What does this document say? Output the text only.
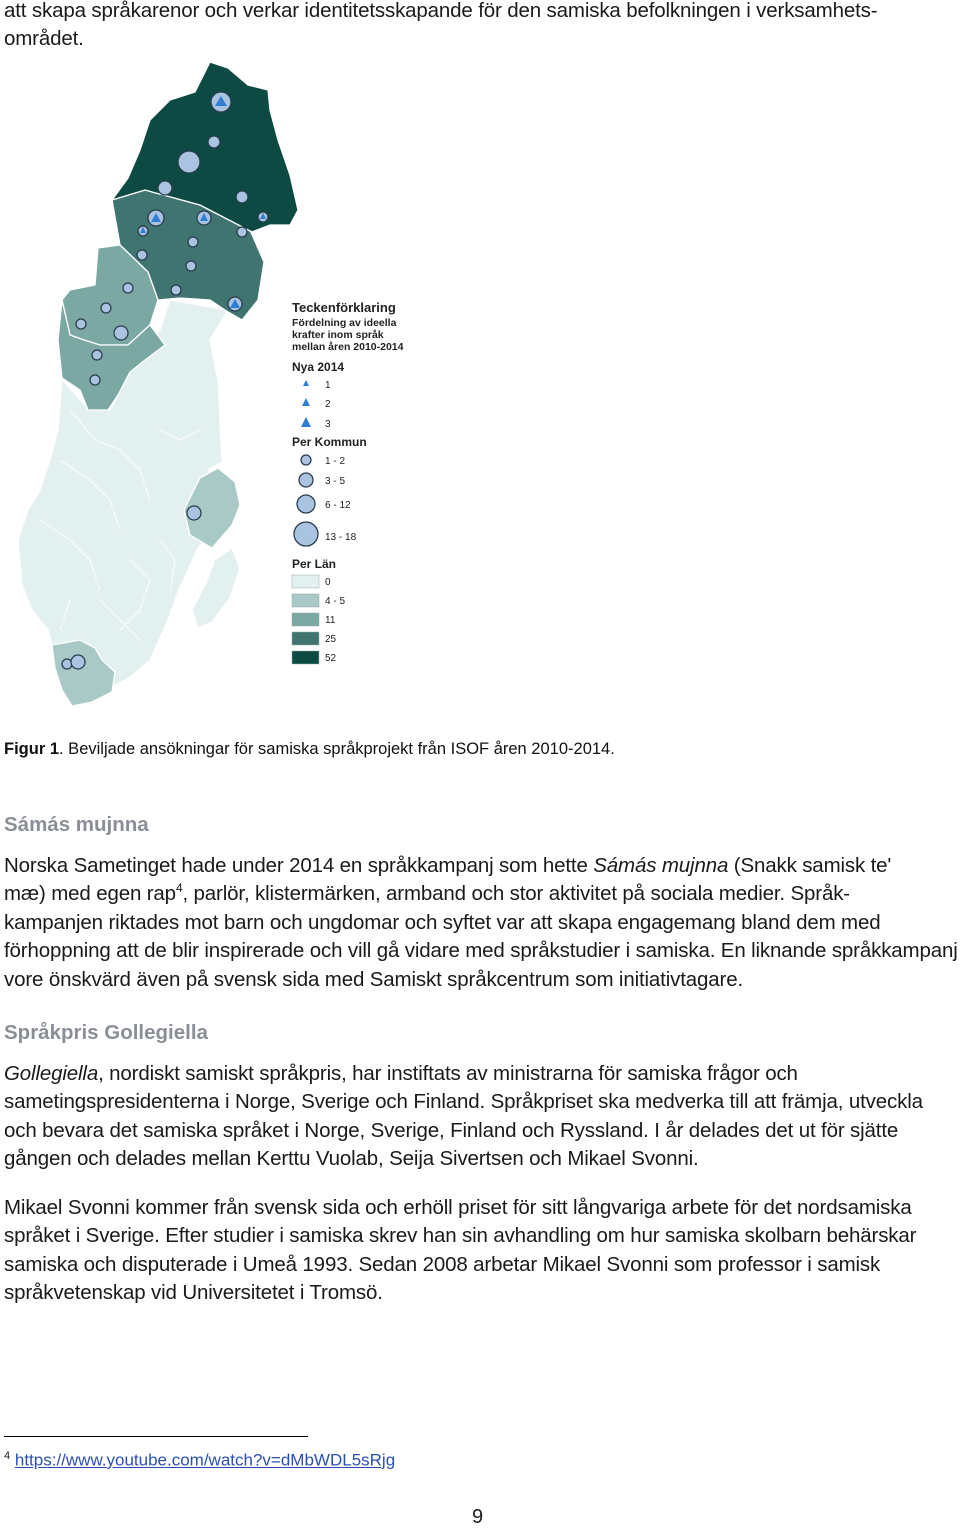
att skapa språkarenor och verkar identitetsskapande för den samiska befolkningen i verksamhets-
området.

Teckenförklaring
Fördelning av ideella
krafter inom språk
mellan åren 2010-2014
Nya 2014
1
2
3
Per Kommun
1 - 2
3 - 5
6 - 12
13 - 18
Per Län
0
4 - 5
11
25
52

Figur 1. Beviljade ansökningar för samiska språkprojekt från ISOF åren 2010-2014.

Sámás mujnna

Norska Sametinget hade under 2014 en språkkampanj som hette Sámás mujnna (Snakk samisk te'
mæ) med egen rap$^4$, parlör, klistermärken, armband och stor aktivitet på sociala medier. Språk-
kampanjen riktades mot barn och ungdomar och syftet var att skapa engagemang bland dem med förhoppning att de blir inspirerade och vill gå vidare med språkstudier i samiska. En liknande språkkampanj vore önskvärd även på svensk sida med Samiskt språkcentrum som initiativtagare.

Språkpris Gollegiella

Gollegiella, nordiskt samiskt språkpris, har instiftats av ministrarna för samiska frågor och sametingspresidenterna i Norge, Sverige och Finland. Språkpriset ska medverka till att främja, utveckla och bevara det samiska språket i Norge, Sverige, Finland och Ryssland. I år delades det ut för sjätte gången och delades mellan Kerttu Vuolab, Seija Sivertsen och Mikael Svonni.

Mikael Svonni kommer från svensk sida och erhöll priset för sitt långvariga arbete för det nordsamiska språket i Sverige. Efter studier i samiska skrev han sin avhandling om hur samiska skolbarn behärskar samiska och disputerade i Umeå 1993. Sedan 2008 arbetar Mikael Svonni som professor i samisk språkvetenskap vid Universitetet i Tromsö.

$^4$ https://www.youtube.com/watch?v=dMbWDL5sRjg

9
